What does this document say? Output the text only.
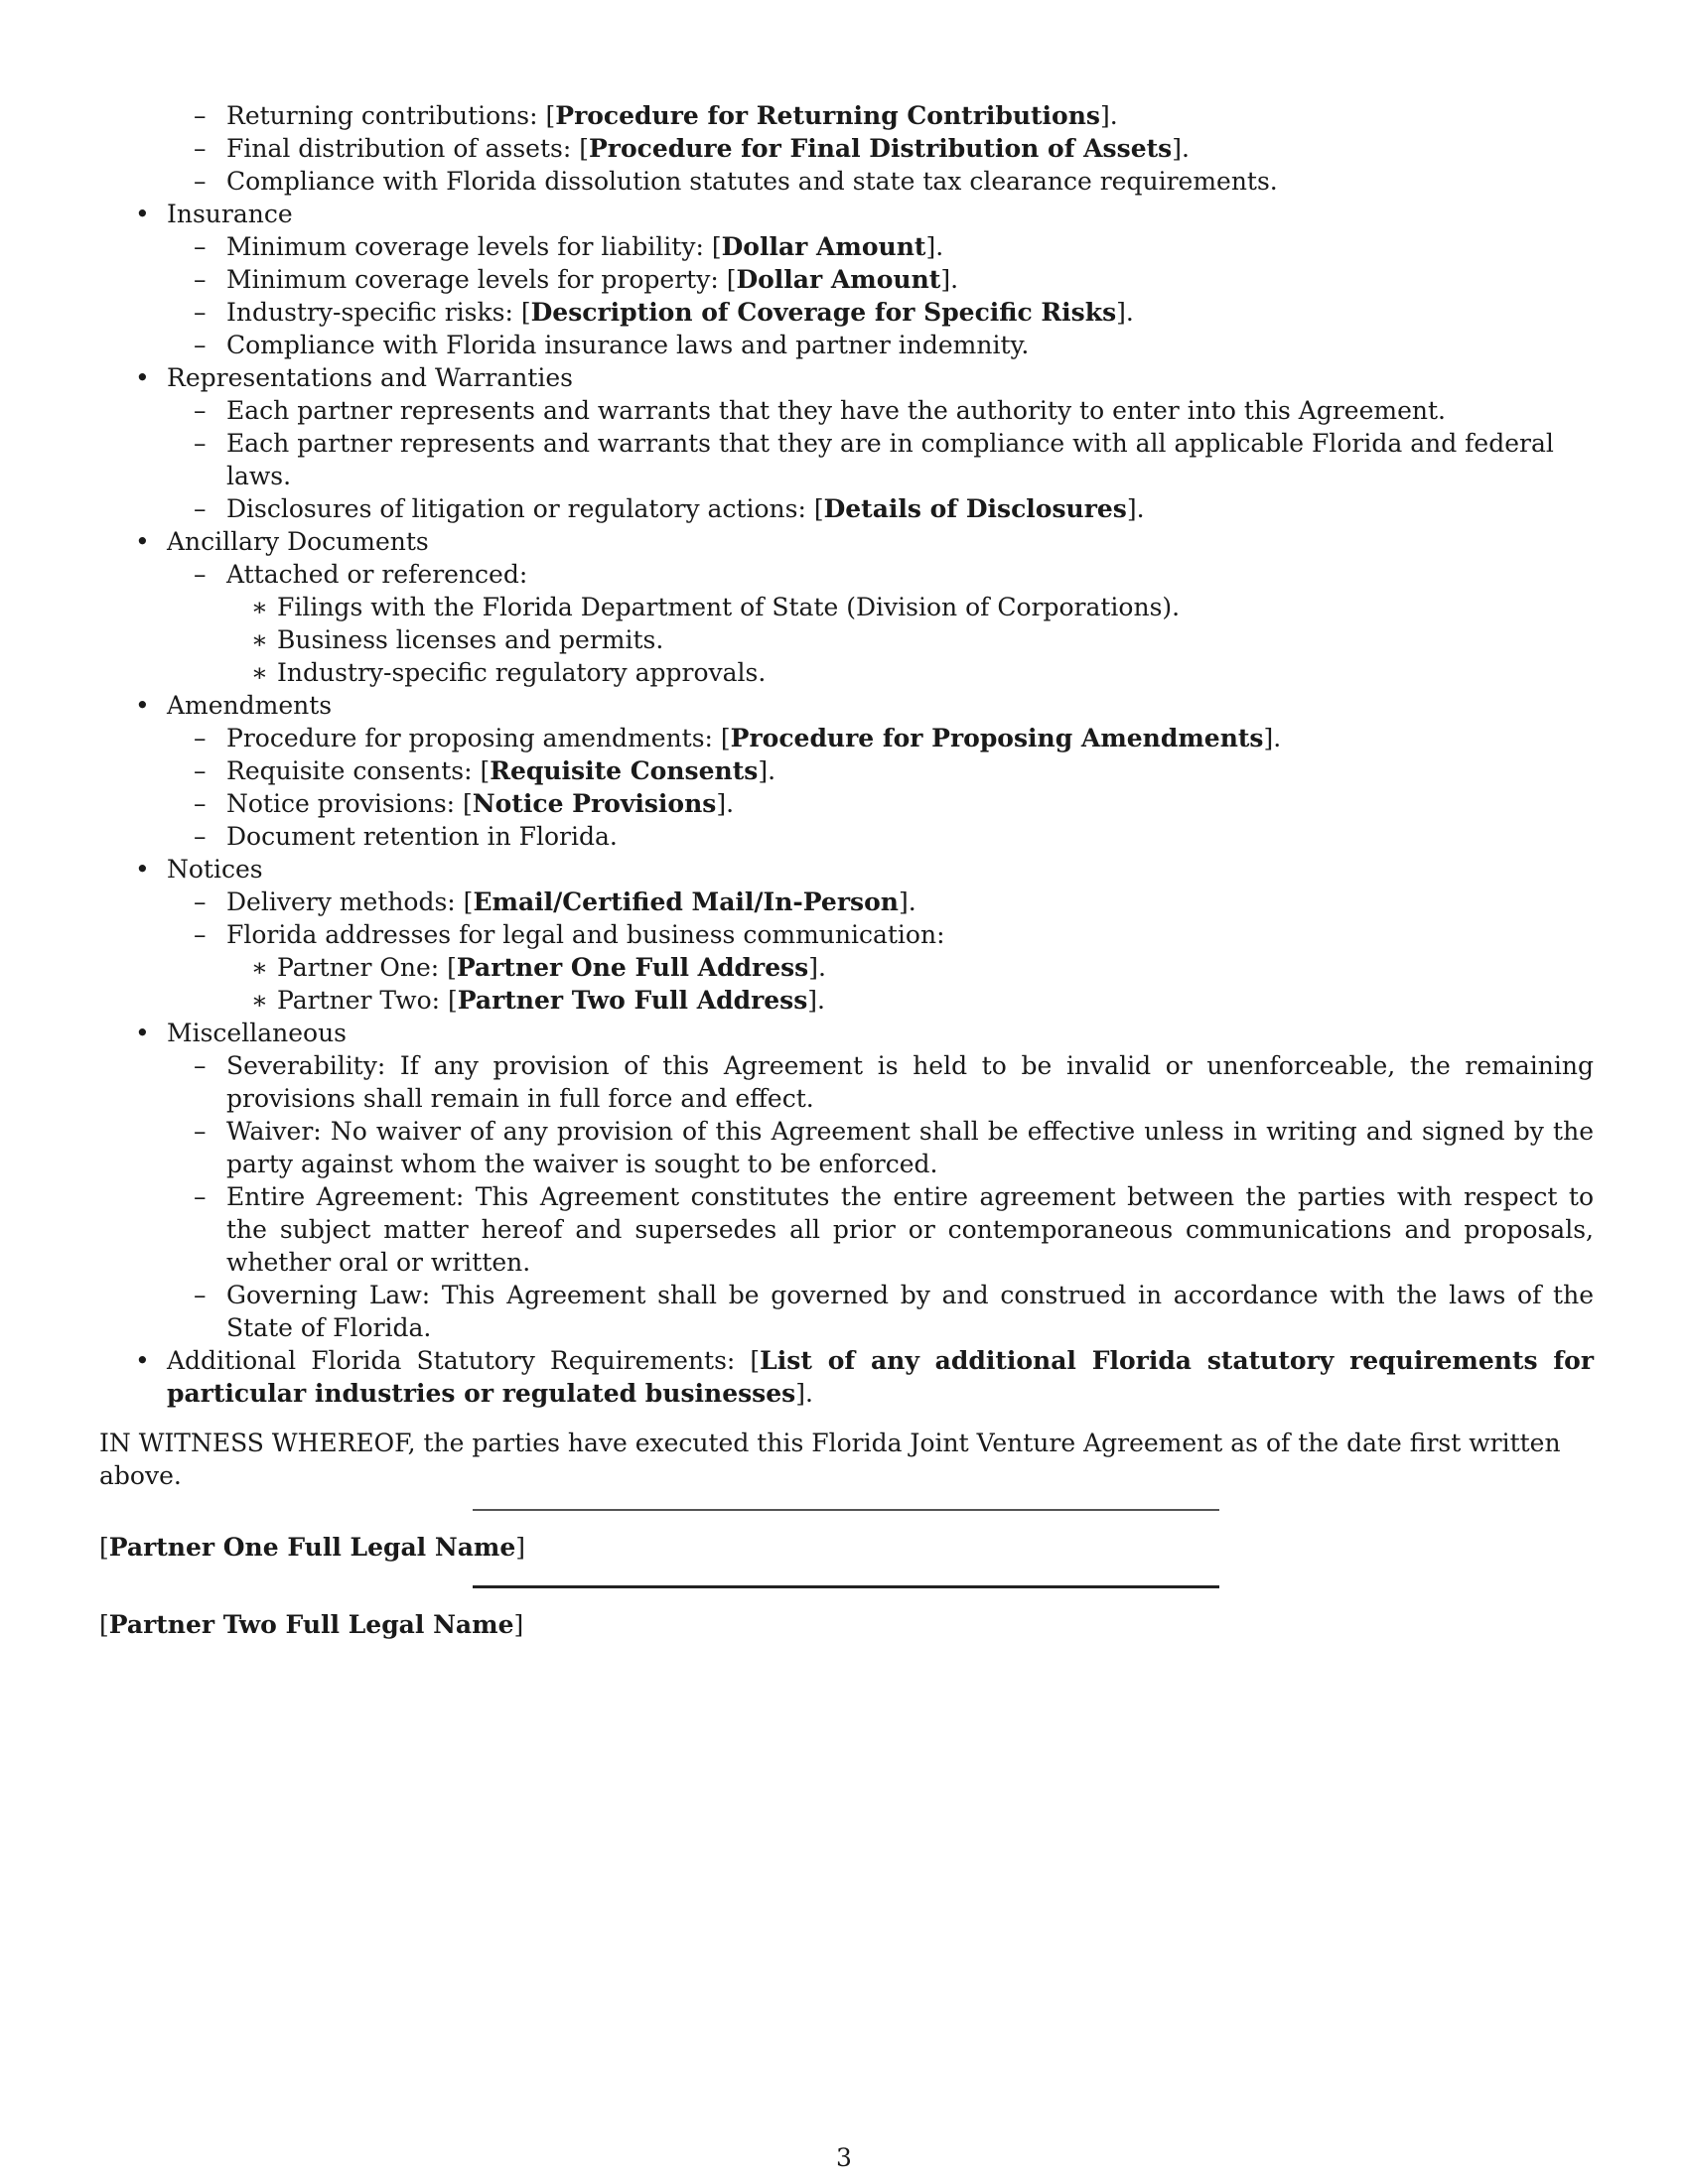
– Returning contributions: [Procedure for Returning Contributions].
– Final distribution of assets: [Procedure for Final Distribution of Assets].
– Compliance with Florida dissolution statutes and state tax clearance requirements.
• Insurance
– Minimum coverage levels for liability: [Dollar Amount].
– Minimum coverage levels for property: [Dollar Amount].
– Industry-specific risks: [Description of Coverage for Specific Risks].
– Compliance with Florida insurance laws and partner indemnity.
• Representations and Warranties
– Each partner represents and warrants that they have the authority to enter into this Agreement.
– Each partner represents and warrants that they are in compliance with all applicable Florida and federal laws.
– Disclosures of litigation or regulatory actions: [Details of Disclosures].
• Ancillary Documents
– Attached or referenced:
∗ Filings with the Florida Department of State (Division of Corporations).
∗ Business licenses and permits.
∗ Industry-specific regulatory approvals.
• Amendments
– Procedure for proposing amendments: [Procedure for Proposing Amendments].
– Requisite consents: [Requisite Consents].
– Notice provisions: [Notice Provisions].
– Document retention in Florida.
• Notices
– Delivery methods: [Email/Certified Mail/In-Person].
– Florida addresses for legal and business communication:
∗ Partner One: [Partner One Full Address].
∗ Partner Two: [Partner Two Full Address].
• Miscellaneous
– Severability: If any provision of this Agreement is held to be invalid or unenforceable, the remaining provisions shall remain in full force and effect.
– Waiver: No waiver of any provision of this Agreement shall be effective unless in writing and signed by the party against whom the waiver is sought to be enforced.
– Entire Agreement: This Agreement constitutes the entire agreement between the parties with respect to the subject matter hereof and supersedes all prior or contemporaneous communications and proposals, whether oral or written.
– Governing Law: This Agreement shall be governed by and construed in accordance with the laws of the State of Florida.
• Additional Florida Statutory Requirements: [List of any additional Florida statutory requirements for particular industries or regulated businesses].

IN WITNESS WHEREOF, the parties have executed this Florida Joint Venture Agreement as of the date first written above.

[Partner One Full Legal Name]

[Partner Two Full Legal Name]

3
